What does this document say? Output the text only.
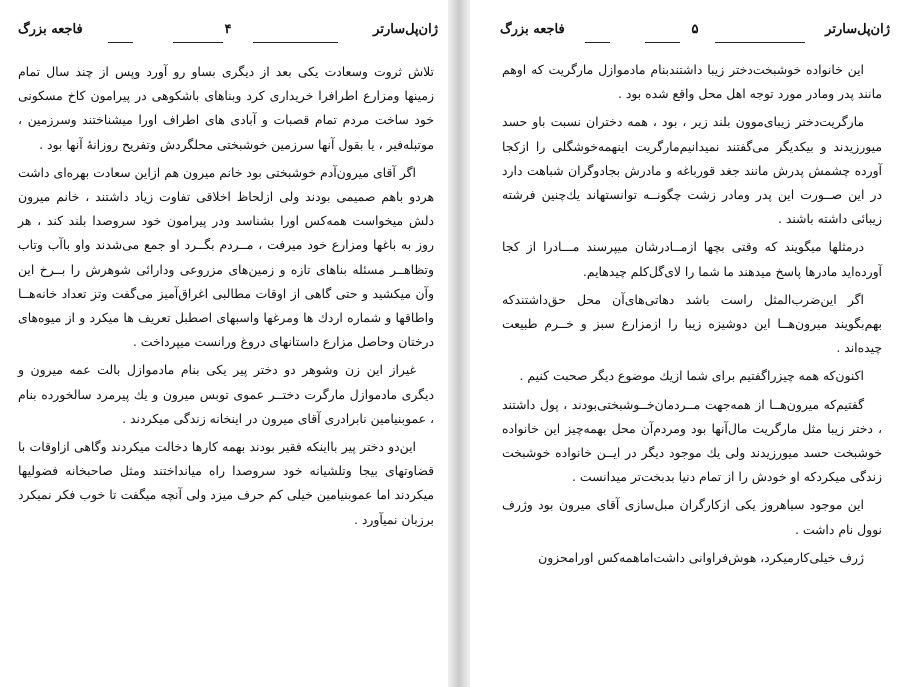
ژان‌پل‌سارتر
۴
فاجعه بزرگ

تلاش ثروت وسعادت یکی بعد از دیگری بساو رو آورد وپس از چند سال تمام زمینها ومزارع اطرافرا خریداری کرد وبناهای باشکوهی در پیرامون کاخ مسکونی خود ساخت مردم تمام قصبات و آبادی های اطراف اورا میشناختند وسرزمین ، موتبله‌فیر ، یا بقول آنها سرزمین خوشبختی محلگردش وتفریح روزانهٔ آنها بود .

اگر آقای میرون‌آدم خوشبختی بود خانم میرون هم ازاین سعادت بهره‌ای داشت هردو باهم صمیمی بودند ولی ازلحاظ اخلاقی تفاوت زیاد داشتند ، خانم میرون دلش میخواست همه‌کس اورا بشناسد ودر پیرامون خود سروصدا بلند کند ، هر روز به باغها ومزارع خود میرفت ، مــردم بگــرد او جمع می‌شدند واو باآب وتاب وتظاهــر مسئله بناهای تازه و زمین‌های مزروعی ودارائی شوهرش را بــرخ این وآن میکشید و حتی گاهی از اوقات مطالبی اغراق‌آمیز می‌گفت وتز تعداد خانه‌هــا واطاقها و شماره اردك ها ومرغها واسبهای اصطبل تعریف ها میکرد و از میوه‌های درختان وحاصل مزارع داستانهای دروغ ورانست میپرداخت .

غیراز این زن وشوهر دو دختر پیر یکی بنام مادموازل بالت عمه میرون و دیگری مادموازل مارگرت دختــر عموی توبس میرون و یك پیرمرد سالخورده بنام ، عموبنیامین نابرادری آقای میرون در اینخانه زندگی میکردند .

این‌دو دختر پیر بااینکه فقیر بودند بهمه کارها دخالت میکردند وگاهی ازاوقات با قضاوتهای بیجا وتلشیانه خود سروصدا راه میانداختند ومثل صاحبخانه فضولیها میکردند اما عموبنیامین خیلی کم حرف میزد ولی آنچه میگفت تا خوب فکر نمیکرد برزبان نمیآورد .

ژان‌پل‌سارتر
۵
فاجعه بزرگ

این خانواده خوشبخت‌دختر زیبا داشتند‌بنام مادموازل مارگریت که اوهم مانند پدر ومادر مورد توجه اهل محل واقع شده بود .

مارگریت‌دختر زیبای‌موون بلند زیر ، بود ، همه دختران نسبت باو حسد میورزیدند و بیکدیگر می‌گفتند نمیدانیم‌مارگریت اینهمه‌خوشگلی را ازکجا آورده چشمش پدرش مانند جغد قورباغه و مادرش بجادوگران شباهت دارد در این صــورت این پدر ومادر زشت چگونــه توانستهاند یك‌چنین فرشته زیبائی داشته باشند .

درمثلها میگویند که وقتی بچها ازمــادرشان میپرسند مـــادرا از کجا آورده‌اید مادرها پاسخ میدهند ما شما را لای‌گل‌کلم چیدهایم.

اگر این‌ضرب‌المثل راست باشد دهاتی‌های‌آن محل حق‌داشتند‌که بهم‌بگویند میرون‌هــا این دوشیزه زیبا را ازمزارع سبز و خــرم طبیعت چیده‌اند .

اکنون‌که همه چیزراگفتیم برای شما ازیك موضوع دیگر صحبت کنیم .

گفتیم‌که میرون‌هــا از همه‌جهت مــردمان‌خــوشبختی‌بودند ، پول داشتند ، دختر زیبا مثل مارگریت مال‌آنها بود ومردم‌آن محل بهمه‌چیز این خانواده خوشبخت حسد میورزیدند ولی یك موجود دیگر در ایــن خانواده خوشبخت زندگی میکردکه او خودش را از تمام دنیا بدبخت‌تر میدانست .

این موجود سیاهروز یکی ازکارگران مبل‌سازی آقای میرون بود وژرف نوول نام داشت .

ژرف خیلی‌کارمیکرد، هوش‌فراوانی داشت‌اماهمه‌کس اورامحزون
